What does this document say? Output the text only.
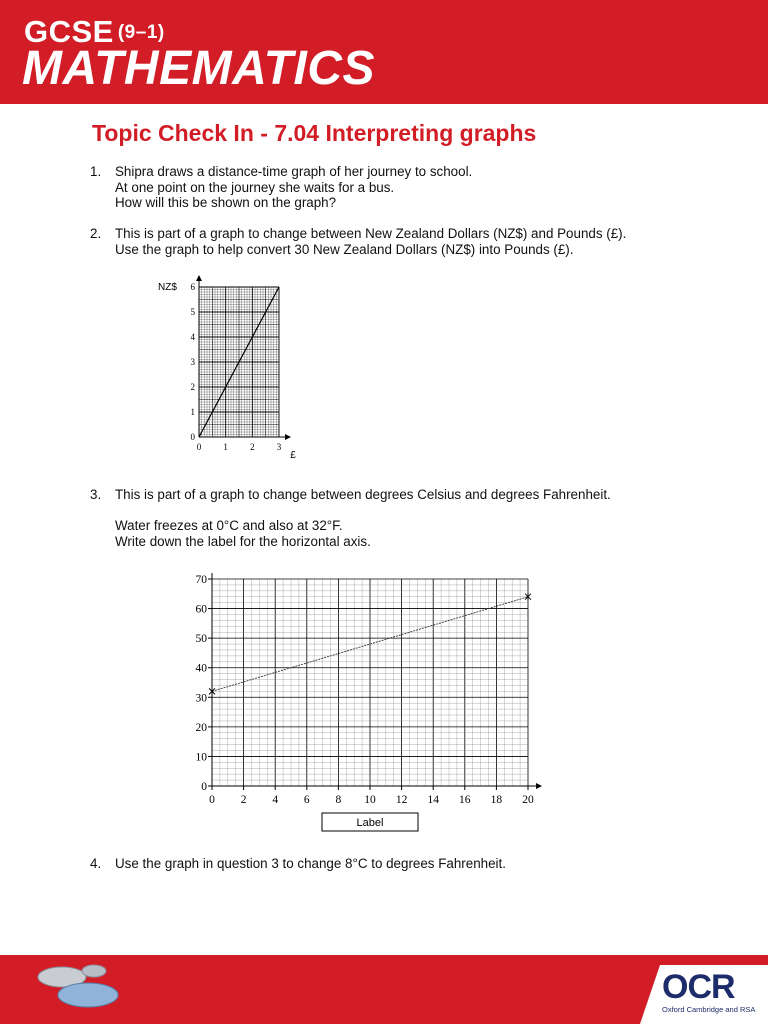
GCSE (9–1)
MATHEMATICS
Topic Check In - 7.04 Interpreting graphs
1.	Shipra draws a distance-time graph of her journey to school.
At one point on the journey she waits for a bus.
How will this be shown on the graph?
2.	This is part of a graph to change between New Zealand Dollars (NZ$) and Pounds (£).
Use the graph to help convert 30 New Zealand Dollars (NZ$) into Pounds (£).
0
1
2
3
4
5
6
0 1 2 3
NZ$
£
3.	This is part of a graph to change between degrees Celsius and degrees Fahrenheit.
Water freezes at 0°C and also at 32°F.
Write down the label for the horizontal axis.
0
10
20
30
40
50
60
70
0 2 4 6 8 10 12 14 16 18 20
Label
4.	Use the graph in question 3 to change 8°C to degrees Fahrenheit.
OCR
Oxford Cambridge and RSA
